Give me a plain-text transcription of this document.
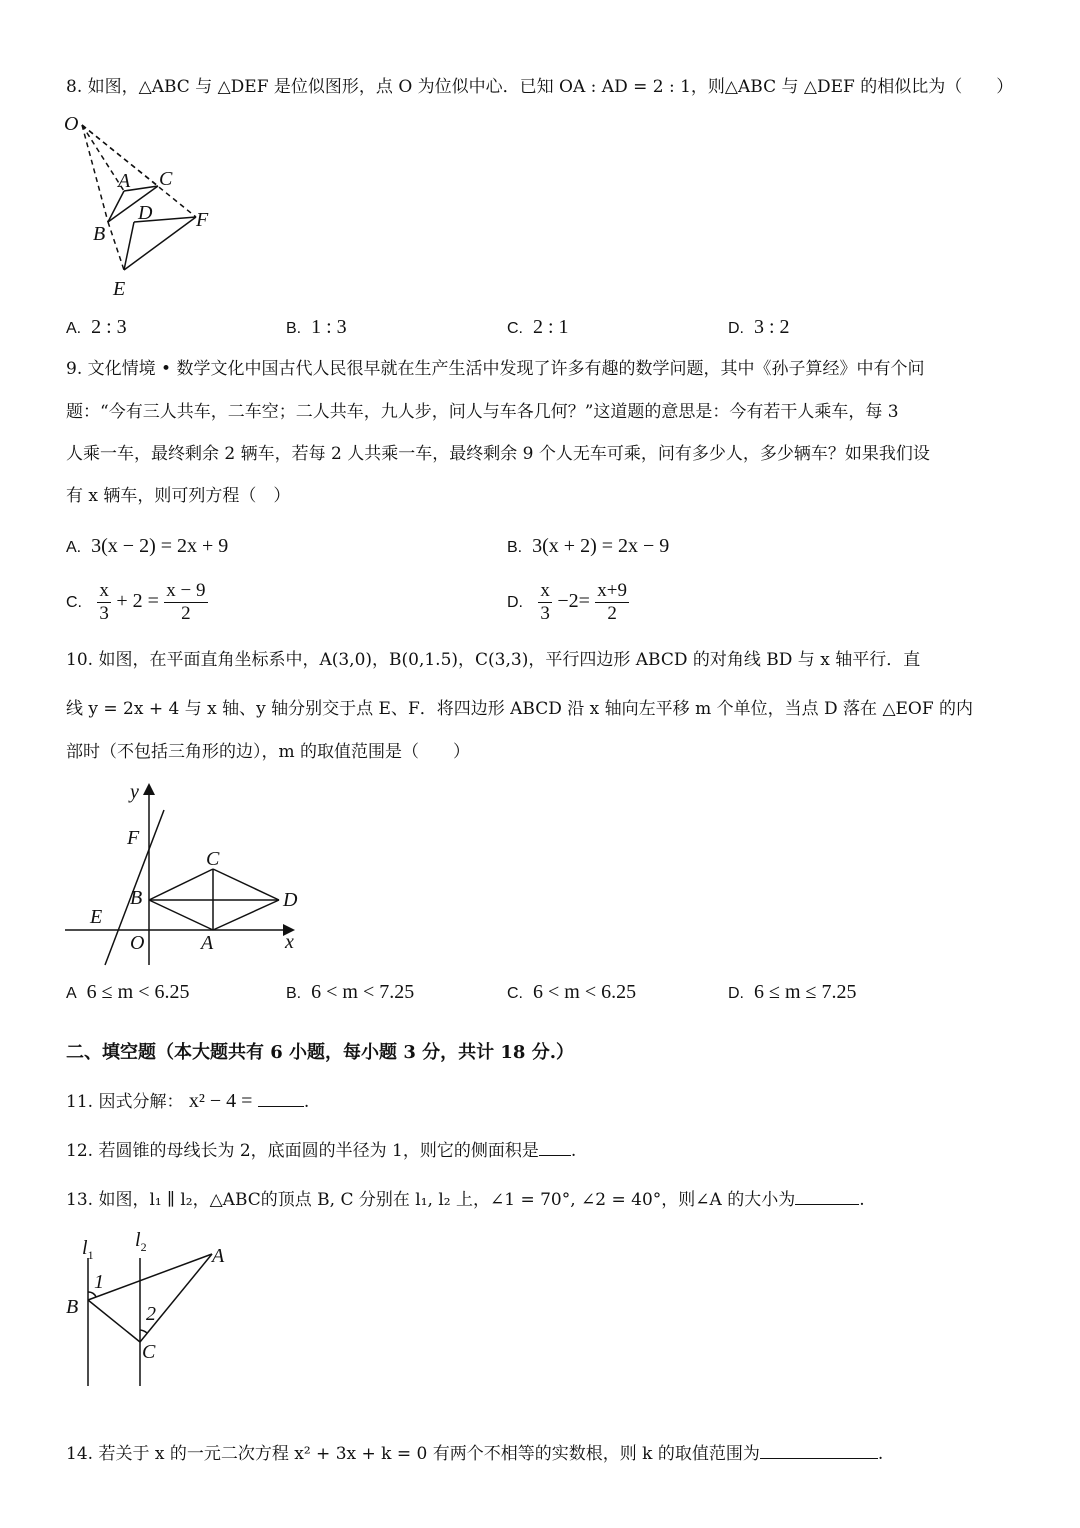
8. 如图，△ABC 与 △DEF 是位似图形，点 O 为位似中心．已知 OA : AD = 2 : 1，则△ABC 与 △DEF 的相似比为（　　）
O
A C
D
B
F
E
A. 2 : 3	B. 1 : 3	C. 2 : 1	D. 3 : 2
9. 文化情境 • 数学文化中国古代人民很早就在生产生活中发现了许多有趣的数学问题，其中《孙子算经》中有个问
题：“今有三人共车，二车空；二人共车，九人步，问人与车各几何？”这道题的意思是：今有若干人乘车，每 3
人乘一车，最终剩余 2 辆车，若每 2 人共乘一车，最终剩余 9 个人无车可乘，问有多少人，多少辆车？如果我们设
有 x 辆车，则可列方程（　）
A. 3(x − 2) = 2x + 9	B. 3(x + 2) = 2x − 9
C. $\frac{x}{3} + 2 = \frac{x - 9}{2}$	D. $\frac{x}{3} -2= \frac{x+9}{2}$
10. 如图，在平面直角坐标系中，A(3,0)，B(0,1.5)，C(3,3)，平行四边形 ABCD 的对角线 BD 与 x 轴平行．直
线 y = 2x + 4 与 x 轴、y 轴分别交于点 E、F．将四边形 ABCD 沿 x 轴向左平移 m 个单位，当点 D 落在 △EOF 的内
部时（不包括三角形的边），m 的取值范围是（　　）
y
F
C
B	D
E
O	A	x
A 6 ≤ m < 6.25	B. 6 < m < 7.25	C. 6 < m < 6.25	D. 6 ≤ m ≤ 7.25
二、填空题（本大题共有 6 小题，每小题 3 分，共计 18 分.）
11. 因式分解： x² − 4 =	.
12. 若圆锥的母线长为 2，底面圆的半径为 1，则它的侧面积是 .
13. 如图，l₁ ∥ l₂，△ABC的顶点 B, C 分别在 l₁, l₂ 上，∠1 = 70°, ∠2 = 40°，则∠A 的大小为	.
$l_1$
$l_2$
1
2
A
B
C
14. 若关于 x 的一元二次方程 x² + 3x + k = 0 有两个不相等的实数根，则 k 的取值范围为	.
